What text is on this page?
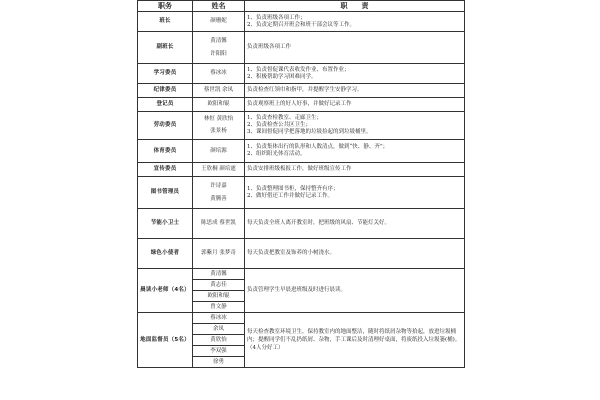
职务	姓名	职　　责
班长	颜珊妮	1、负责班级各项工作；
2、负责定期召开班会和班干部会议等工作。

副班长	黄清馨
许阳阳	负责班级各项工作

学习委员	蔡冰冰	1、负责督促课代表收发作业、布置作业；
2、积极帮助学习困难同学。

纪律委员	蔡世凯 余凤	负责检查红领巾和指甲，并提醒学生安静学习。

登记员	欧阳和锟	负责观察班上的好人好事，并做好记录工作

劳动委员	林恒 黄欣怡
张景杨	1、负责查检教室、走廊卫生；
2、负责检查公共区卫生；
3、课间督促同学把落地的垃圾捡起的到垃圾桶里。

体育委员	颜培源	1、负责集体出行的队形和人数清点，做到“快、静、齐”；
2、组织阳光体育活动。

宣传委员	王欣桐 颜培霆	负责安排班级板报工作，做好班级宣传工作

图书管理员	许诗嘉
黄腾善	1、负责整理图书柜，保持整齐有序；
2、做好借还工作并做好记录工作。

节能小卫士	陈思成 蔡世凯	每天负责全班人离开教室时，把班级的风扇、节能灯关好。

绿色小使者	郭紫月 张梦奇	每天负责把教室及饰养的小树浇水。

晨读小老师（4名）	黄清馨	负责管理学生早晨进班级及时进行晨读。

	黄志佳	
	欧阳和锟	
	曾文静	
地面监督员（5名）	蔡冰冰	每天检查教室环境卫生，保持教室内的地面整洁，随时将纸屑杂物等拾起，放进垃圾桶内；提醒同学们不乱扔纸屑、杂物，手工课后及时清理好桌面，将废纸投入垃圾篓(桶)。
（4人分好工）

	余凤	
	黄欣怡	
	李双强	
	徐勇	
